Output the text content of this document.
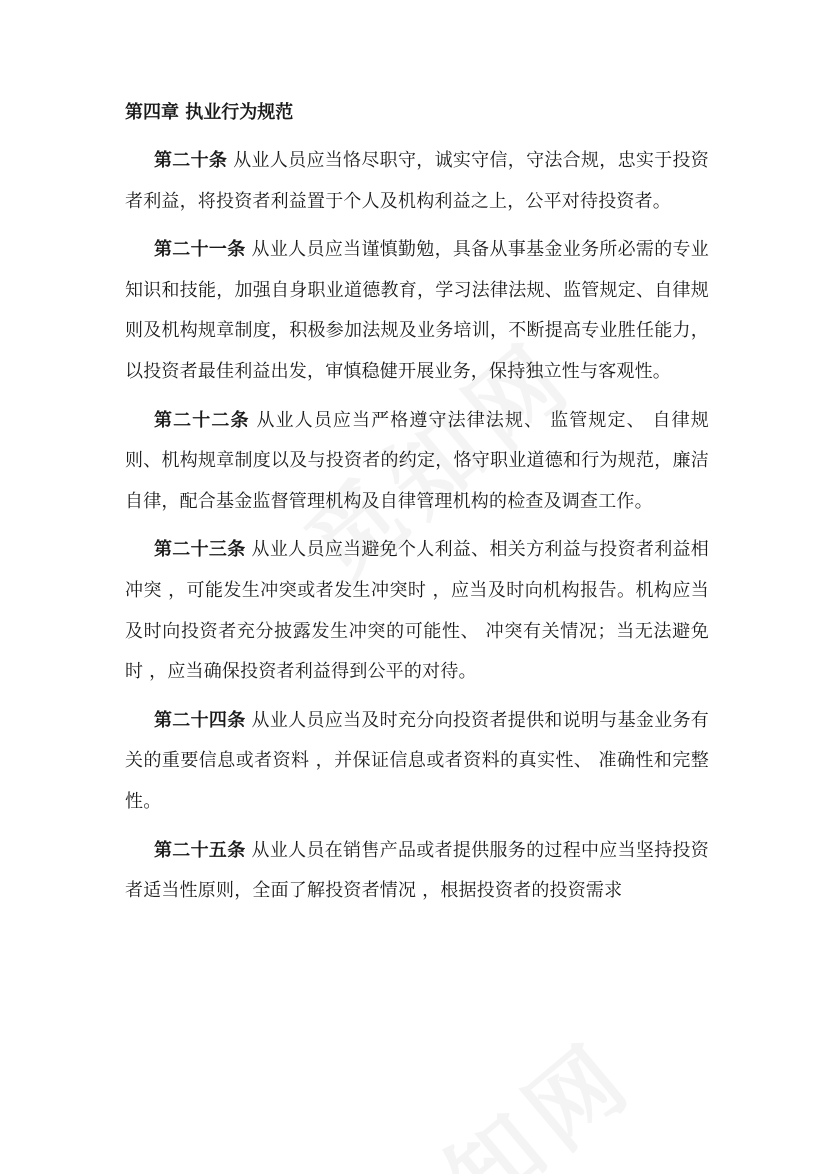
第四章 执业行为规范

第二十条 从业人员应当恪尽职守，诚实守信，守法合规，忠实于投资者利益，将投资者利益置于个人及机构利益之上，公平对待投资者。

第二十一条 从业人员应当谨慎勤勉，具备从事基金业务所必需的专业知识和技能，加强自身职业道德教育，学习法律法规、监管规定、自律规则及机构规章制度，积极参加法规及业务培训，不断提高专业胜任能力，以投资者最佳利益出发，审慎稳健开展业务，保持独立性与客观性。

第二十二条 从业人员应当严格遵守法律法规、 监管规定、 自律规则、机构规章制度以及与投资者的约定，恪守职业道德和行为规范，廉洁自律，配合基金监督管理机构及自律管理机构的检查及调查工作。

第二十三条 从业人员应当避免个人利益、相关方利益与投资者利益相冲突 ，可能发生冲突或者发生冲突时 ，应当及时向机构报告。机构应当及时向投资者充分披露发生冲突的可能性、 冲突有关情况；当无法避免时 ，应当确保投资者利益得到公平的对待。

第二十四条 从业人员应当及时充分向投资者提供和说明与基金业务有关的重要信息或者资料 ，并保证信息或者资料的真实性、 准确性和完整性。

第二十五条 从业人员在销售产品或者提供服务的过程中应当坚持投资者适当性原则，全面了解投资者情况 ，根据投资者的投资需求
